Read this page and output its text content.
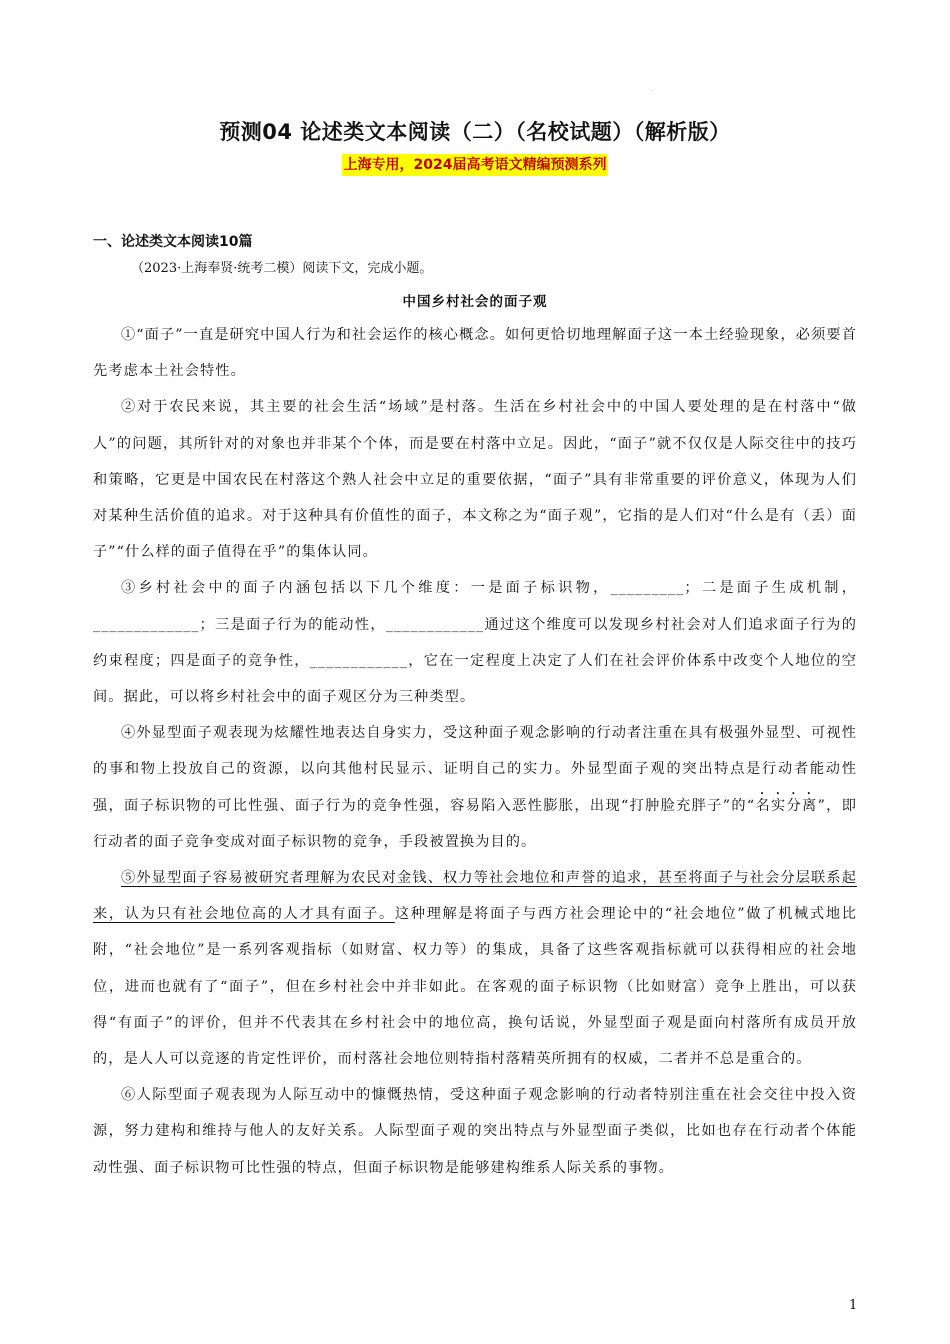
.
预测04 论述类文本阅读（二）（名校试题）（解析版）
上海专用，2024届高考语文精编预测系列
一、论述类文本阅读10篇
（2023·上海奉贤·统考二模）阅读下文，完成小题。
中国乡村社会的面子观

①“面子”一直是研究中国人行为和社会运作的核心概念。如何更恰切地理解面子这一本土经验现象，必须要首先考虑本土社会特性。

②对于农民来说，其主要的社会生活“场域”是村落。生活在乡村社会中的中国人要处理的是在村落中“做人”的问题，其所针对的对象也并非某个个体，而是要在村落中立足。因此，“面子”就不仅仅是人际交往中的技巧和策略，它更是中国农民在村落这个熟人社会中立足的重要依据，“面子”具有非常重要的评价意义，体现为人们对某种生活价值的追求。对于这种具有价值性的面子，本文称之为“面子观”，它指的是人们对“什么是有（丢）面子”“什么样的面子值得在乎”的集体认同。

③乡村社会中的面子内涵包括以下几个维度：一是面子标识物，_________；二是面子生成机制，_____________；三是面子行为的能动性，____________通过这个维度可以发现乡村社会对人们追求面子行为的约束程度；四是面子的竞争性，____________，它在一定程度上决定了人们在社会评价体系中改变个人地位的空间。据此，可以将乡村社会中的面子观区分为三种类型。

④外显型面子观表现为炫耀性地表达自身实力，受这种面子观念影响的行动者注重在具有极强外显型、可视性的事和物上投放自己的资源，以向其他村民显示、证明自己的实力。外显型面子观的突出特点是行动者能动性强，面子标识物的可比性强、面子行为的竞争性强，容易陷入恶性膨胀，出现“打肿脸充胖子”的“名实分离”，即行动者的面子竞争变成对面子标识物的竞争，手段被置换为目的。

⑤外显型面子容易被研究者理解为农民对金钱、权力等社会地位和声誉的追求，甚至将面子与社会分层联系起来，认为只有社会地位高的人才具有面子。这种理解是将面子与西方社会理论中的“社会地位”做了机械式地比附，“社会地位”是一系列客观指标（如财富、权力等）的集成，具备了这些客观指标就可以获得相应的社会地位，进而也就有了“面子”，但在乡村社会中并非如此。在客观的面子标识物（比如财富）竞争上胜出，可以获得“有面子”的评价，但并不代表其在乡村社会中的地位高，换句话说，外显型面子观是面向村落所有成员开放的，是人人可以竞逐的肯定性评价，而村落社会地位则特指村落精英所拥有的权威，二者并不总是重合的。

⑥人际型面子观表现为人际互动中的慷慨热情，受这种面子观念影响的行动者特别注重在社会交往中投入资源，努力建构和维持与他人的友好关系。人际型面子观的突出特点与外显型面子类似，比如也存在行动者个体能动性强、面子标识物可比性强的特点，但面子标识物是能够建构维系人际关系的事物。

1
